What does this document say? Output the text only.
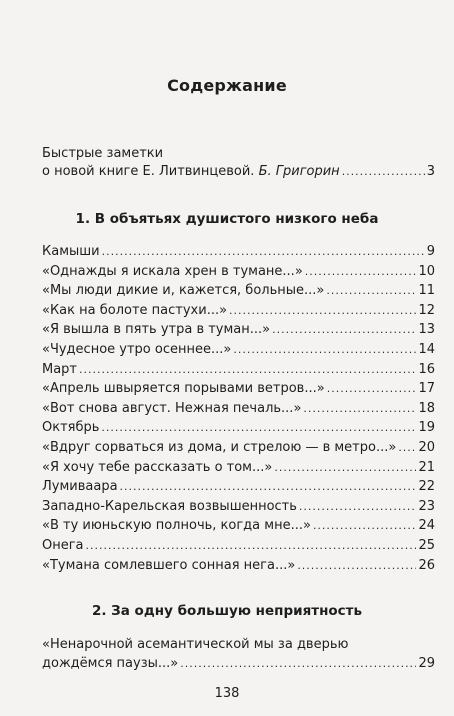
Содержание
Быстрые заметки
о новой книге Е. Литвинцевой. Б. Григорин .....	3
1. В объятьях душистого низкого неба
Камыши .....	9
«Однажды я искала хрен в тумане...» .....	10
«Мы люди дикие и, кажется, больные...» .....	11
«Как на болоте пастухи...» .....	12
«Я вышла в пять утра в туман...» .....	13
«Чудесное утро осеннее...» .....	14
Март .....	16
«Апрель швыряется порывами ветров...» .....	17
«Вот снова август. Нежная печаль...» .....	18
Октябрь .....	19
«Вдруг сорваться из дома, и стрелою — в метро...» ..... 20
«Я хочу тебе рассказать о том...» .....	21
Лумиваара .....	22
Западно-Карельская возвышенность .....	23
«В ту июньскую полночь, когда мне...» .....	24
Онега .....	25
«Тумана сомлевшего сонная нега...» .....	26
2. За одну большую неприятность
«Ненарочной асемантической мы за дверью
дождёмся паузы...» .....	29
138
